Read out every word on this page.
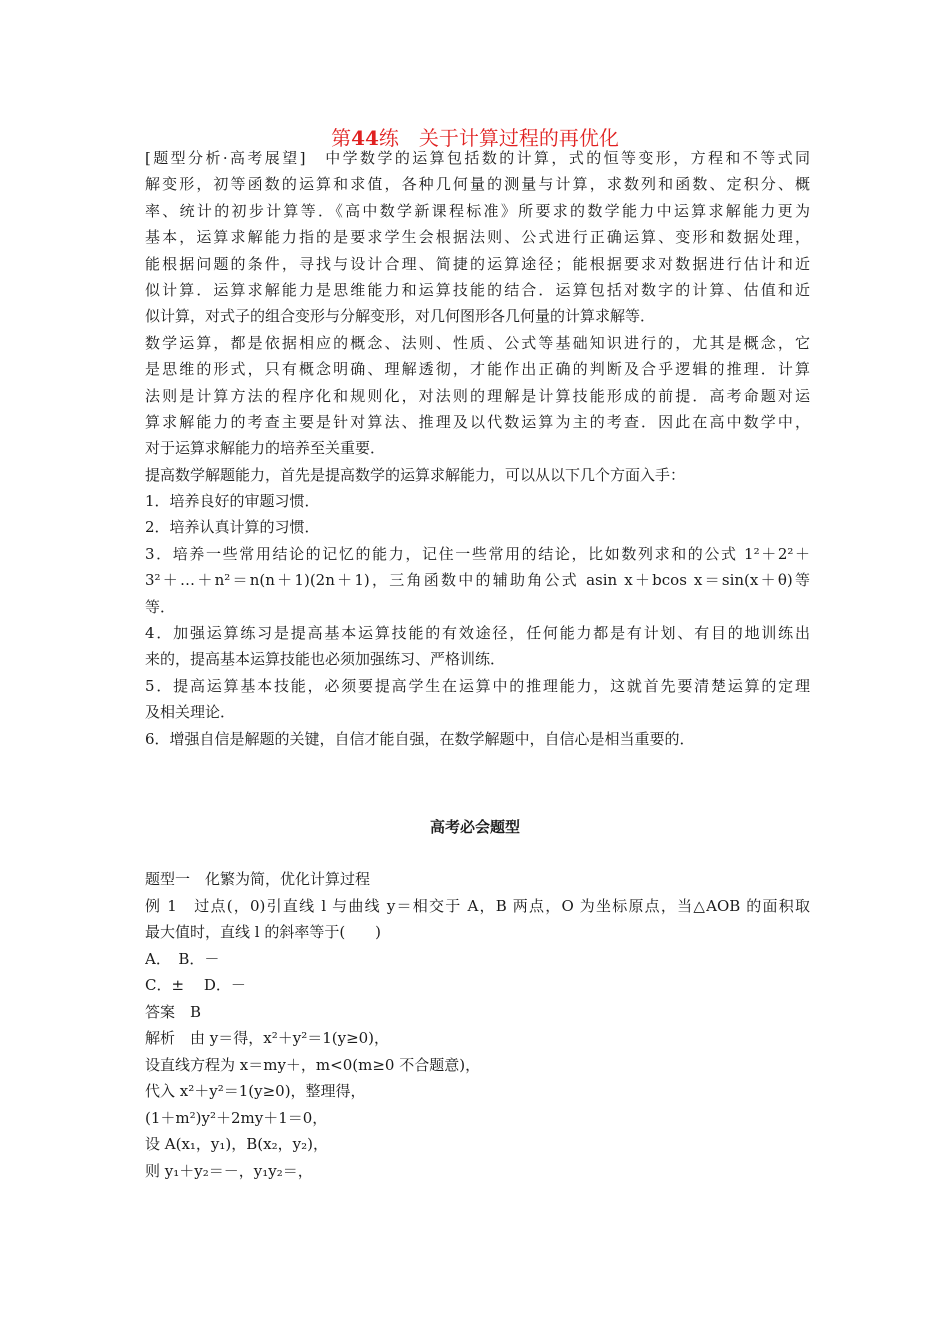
第44练　关于计算过程的再优化
[题型分析·高考展望]　中学数学的运算包括数的计算，式的恒等变形，方程和不等式同
解变形，初等函数的运算和求值，各种几何量的测量与计算，求数列和函数、定积分、概
率、统计的初步计算等．《高中数学新课程标准》所要求的数学能力中运算求解能力更为
基本，运算求解能力指的是要求学生会根据法则、公式进行正确运算、变形和数据处理，
能根据问题的条件，寻找与设计合理、简捷的运算途径；能根据要求对数据进行估计和近
似计算．运算求解能力是思维能力和运算技能的结合．运算包括对数字的计算、估值和近
似计算，对式子的组合变形与分解变形，对几何图形各几何量的计算求解等．
数学运算，都是依据相应的概念、法则、性质、公式等基础知识进行的，尤其是概念，它
是思维的形式，只有概念明确、理解透彻，才能作出正确的判断及合乎逻辑的推理．计算
法则是计算方法的程序化和规则化，对法则的理解是计算技能形成的前提．高考命题对运
算求解能力的考查主要是针对算法、推理及以代数运算为主的考查．因此在高中数学中，
对于运算求解能力的培养至关重要．
提高数学解题能力，首先是提高数学的运算求解能力，可以从以下几个方面入手：
1．培养良好的审题习惯．
2．培养认真计算的习惯．
3．培养一些常用结论的记忆的能力，记住一些常用的结论，比如数列求和的公式 1²＋2²＋
3²＋…＋n²＝n(n＋1)(2n＋1)，三角函数中的辅助角公式 asin x＋bcos x＝sin(x＋θ)等
等．
4．加强运算练习是提高基本运算技能的有效途径，任何能力都是有计划、有目的地训练出
来的，提高基本运算技能也必须加强练习、严格训练．
5．提高运算基本技能，必须要提高学生在运算中的推理能力，这就首先要清楚运算的定理
及相关理论．
6．增强自信是解题的关键，自信才能自强，在数学解题中，自信心是相当重要的．
高考必会题型
题型一　化繁为简，优化计算过程
例 1　过点(，0)引直线 l 与曲线 y＝相交于 A，B 两点，O 为坐标原点，当△AOB 的面积取
最大值时，直线 l 的斜率等于(　　)
A．　B．－
C．±　 D．－
答案　B
解析　由 y＝得，x²＋y²＝1(y≥0)，
设直线方程为 x＝my＋，m<0(m≥0 不合题意)，
代入 x²＋y²＝1(y≥0)，整理得，
(1＋m²)y²＋2my＋1＝0，
设 A(x₁，y₁)，B(x₂，y₂)，
则 y₁＋y₂＝－，y₁y₂＝，
